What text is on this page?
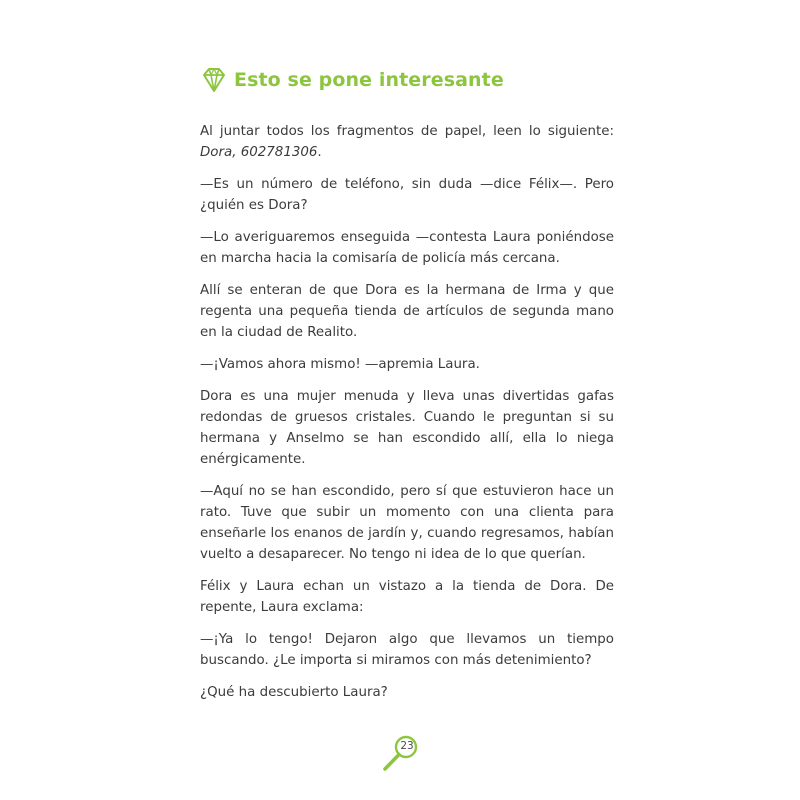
Esto se pone interesante

Al juntar todos los fragmentos de papel, leen lo siguiente: Dora, 602781306.

—Es un número de teléfono, sin duda —dice Félix—. Pero ¿quién es Dora?

—Lo averiguaremos enseguida —contesta Laura poniéndose en marcha hacia la comisaría de policía más cercana.

Allí se enteran de que Dora es la hermana de Irma y que regenta una pequeña tienda de artículos de segunda mano en la ciudad de Realito.

—¡Vamos ahora mismo! —apremia Laura.

Dora es una mujer menuda y lleva unas divertidas gafas redondas de gruesos cristales. Cuando le preguntan si su hermana y Anselmo se han escondido allí, ella lo niega enérgicamente.

—Aquí no se han escondido, pero sí que estuvieron hace un rato. Tuve que subir un momento con una clienta para enseñarle los enanos de jardín y, cuando regresamos, habían vuelto a desaparecer. No tengo ni idea de lo que querían.

Félix y Laura echan un vistazo a la tienda de Dora. De repente, Laura exclama:

—¡Ya lo tengo! Dejaron algo que llevamos un tiempo buscando. ¿Le importa si miramos con más detenimiento?

¿Qué ha descubierto Laura?

23
